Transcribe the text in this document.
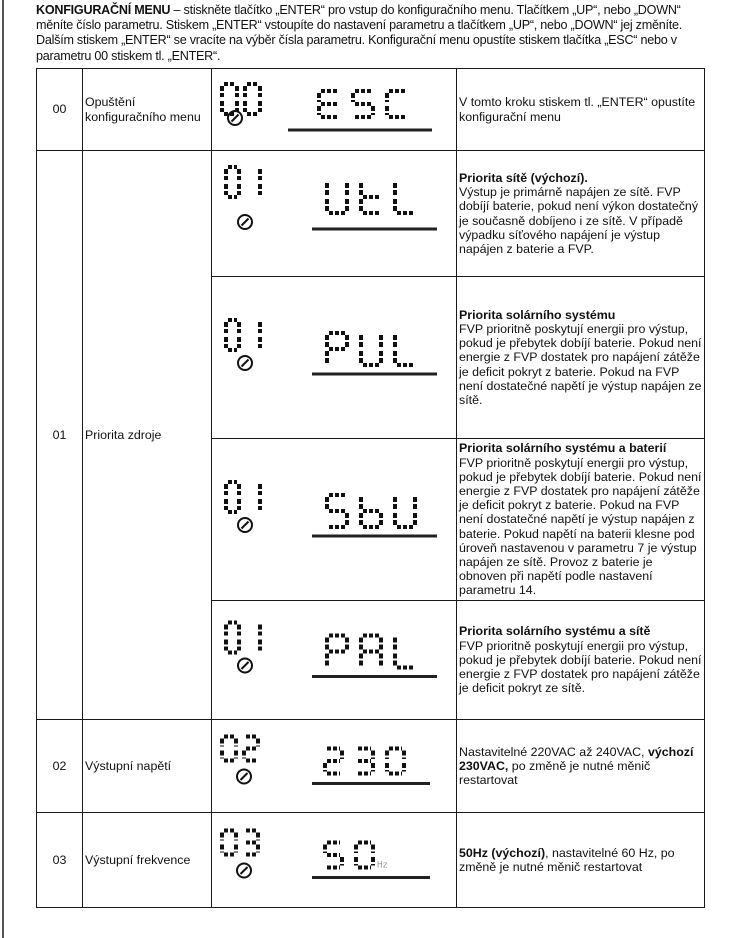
KONFIGURAČNÍ MENU – stiskněte tlačítko „ENTER“ pro vstup do konfiguračního menu. Tlačítkem „UP“, nebo „DOWN“ měníte číslo parametru. Stiskem „ENTER“ vstoupíte do nastavení parametru a tlačítkem „UP“, nebo „DOWN“ jej změníte. Dalším stiskem „ENTER“ se vracíte na výběr čísla parametru. Konfigurační menu opustíte stiskem tlačítka „ESC“ nebo v parametru 00 stiskem tl. „ENTER“.
00	Opuštění konfiguračního menu		V tomto kroku stiskem tl. „ENTER“ opustíte konfigurační menu
01	Priorita zdroje		Priorita sítě (výchozí).
Výstup je primárně napájen ze sítě. FVP dobíjí baterie, pokud není výkon dostatečný je současně dobíjeno i ze sítě. V případě výpadku síťového napájení je výstup napájen z baterie a FVP.

	Priorita solárního systému
FVP prioritně poskytují energii pro výstup, pokud je přebytek dobíjí baterie. Pokud není energie z FVP dostatek pro napájení zátěže je deficit pokryt z baterie. Pokud na FVP není dostatečné napětí je výstup napájen ze sítě.

	Priorita solárního systému a baterií
FVP prioritně poskytují energii pro výstup, pokud je přebytek dobíjí baterie. Pokud není energie z FVP dostatek pro napájení zátěže je deficit pokryt z baterie. Pokud na FVP není dostatečné napětí je výstup napájen z baterie. Pokud napětí na baterii klesne pod úroveň nastavenou v parametru 7 je výstup napájen ze sítě. Provoz z baterie je obnoven při napětí podle nastavení parametru 14.

	Priorita solárního systému a sítě
FVP prioritně poskytují energii pro výstup, pokud je přebytek dobíjí baterie. Pokud není energie z FVP dostatek pro napájení zátěže je deficit pokryt ze sítě.
02	Výstupní napětí		Nastavitelné 220VAC až 240VAC, výchozí 230VAC, po změně je nutné měnič restartovat
03	Výstupní frekvence	Hz	50Hz (výchozí), nastavitelné 60 Hz, po změně je nutné měnič restartovat
